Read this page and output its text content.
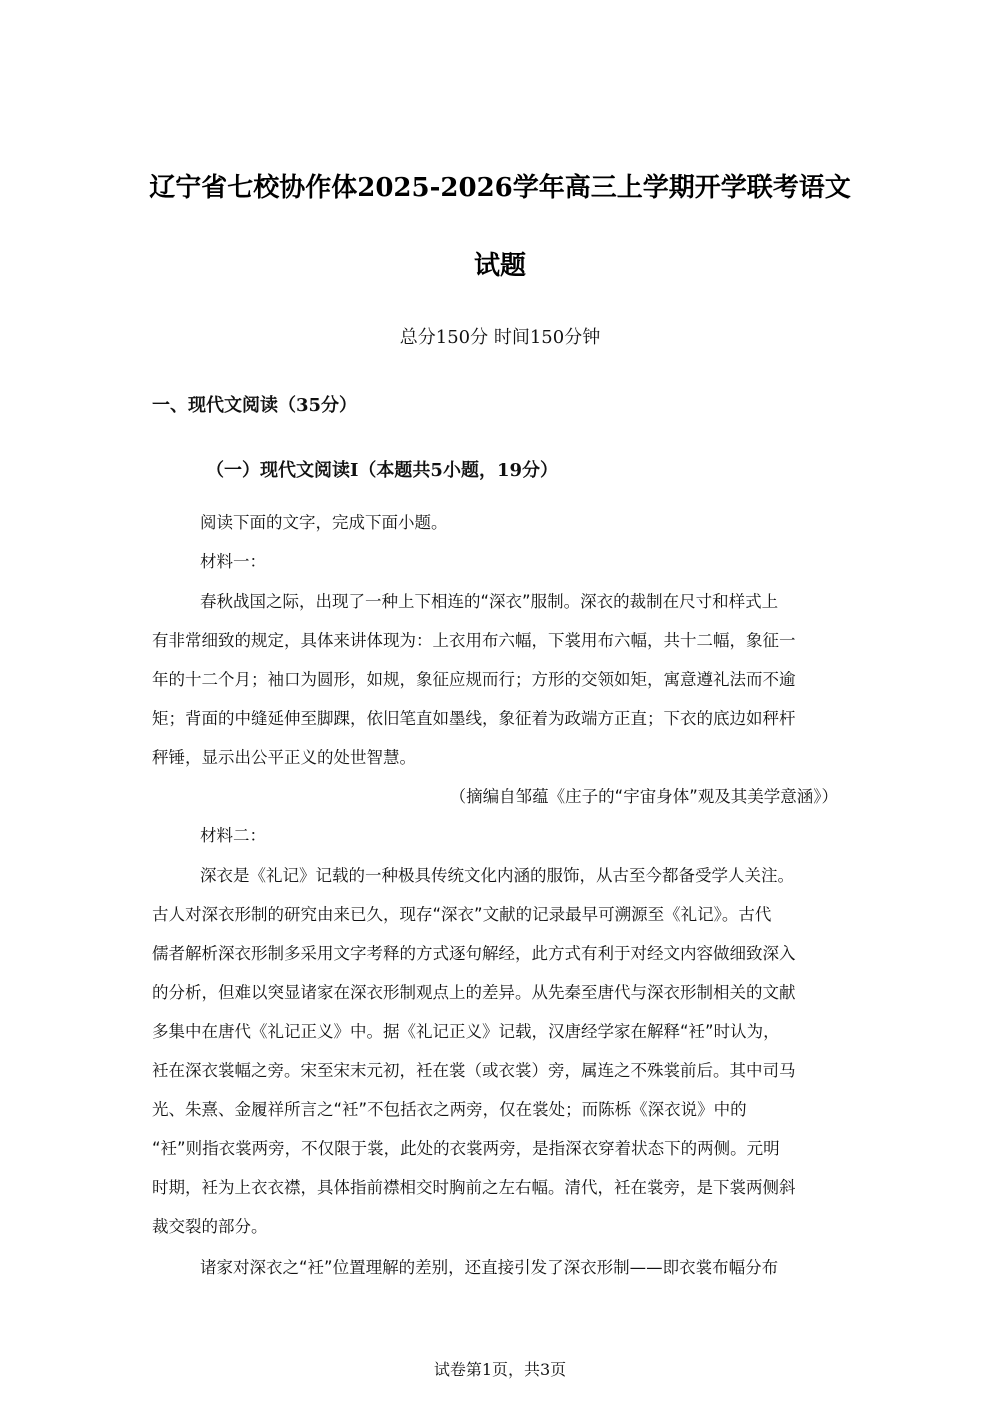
辽宁省七校协作体2025-2026学年高三上学期开学联考语文
试题
总分150分 时间150分钟
一、现代文阅读（35分）
（一）现代文阅读I（本题共5小题，19分）
阅读下面的文字，完成下面小题。
材料一：
春秋战国之际，出现了一种上下相连的“深衣”服制。深衣的裁制在尺寸和样式上
有非常细致的规定，具体来讲体现为：上衣用布六幅，下裳用布六幅，共十二幅，象征一
年的十二个月；袖口为圆形，如规，象征应规而行；方形的交领如矩，寓意遵礼法而不逾
矩；背面的中缝延伸至脚踝，依旧笔直如墨线，象征着为政端方正直；下衣的底边如秤杆
秤锤，显示出公平正义的处世智慧。
（摘编自邹蕴《庄子的“宇宙身体”观及其美学意涵》）
材料二：
深衣是《礼记》记载的一种极具传统文化内涵的服饰，从古至今都备受学人关注。
古人对深衣形制的研究由来已久，现存“深衣”文献的记录最早可溯源至《礼记》。古代
儒者解析深衣形制多采用文字考释的方式逐句解经，此方式有利于对经文内容做细致深入
的分析，但难以突显诸家在深衣形制观点上的差异。从先秦至唐代与深衣形制相关的文献
多集中在唐代《礼记正义》中。据《礼记正义》记载，汉唐经学家在解释“衽”时认为，
衽在深衣裳幅之旁。宋至宋末元初，衽在裳（或衣裳）旁，属连之不殊裳前后。其中司马
光、朱熹、金履祥所言之“衽”不包括衣之两旁，仅在裳处；而陈栎《深衣说》中的
“衽”则指衣裳两旁，不仅限于裳，此处的衣裳两旁，是指深衣穿着状态下的两侧。元明
时期，衽为上衣衣襟，具体指前襟相交时胸前之左右幅。清代，衽在裳旁，是下裳两侧斜
裁交裂的部分。
诸家对深衣之“衽”位置理解的差别，还直接引发了深衣形制——即衣裳布幅分布
试卷第1页，共3页
